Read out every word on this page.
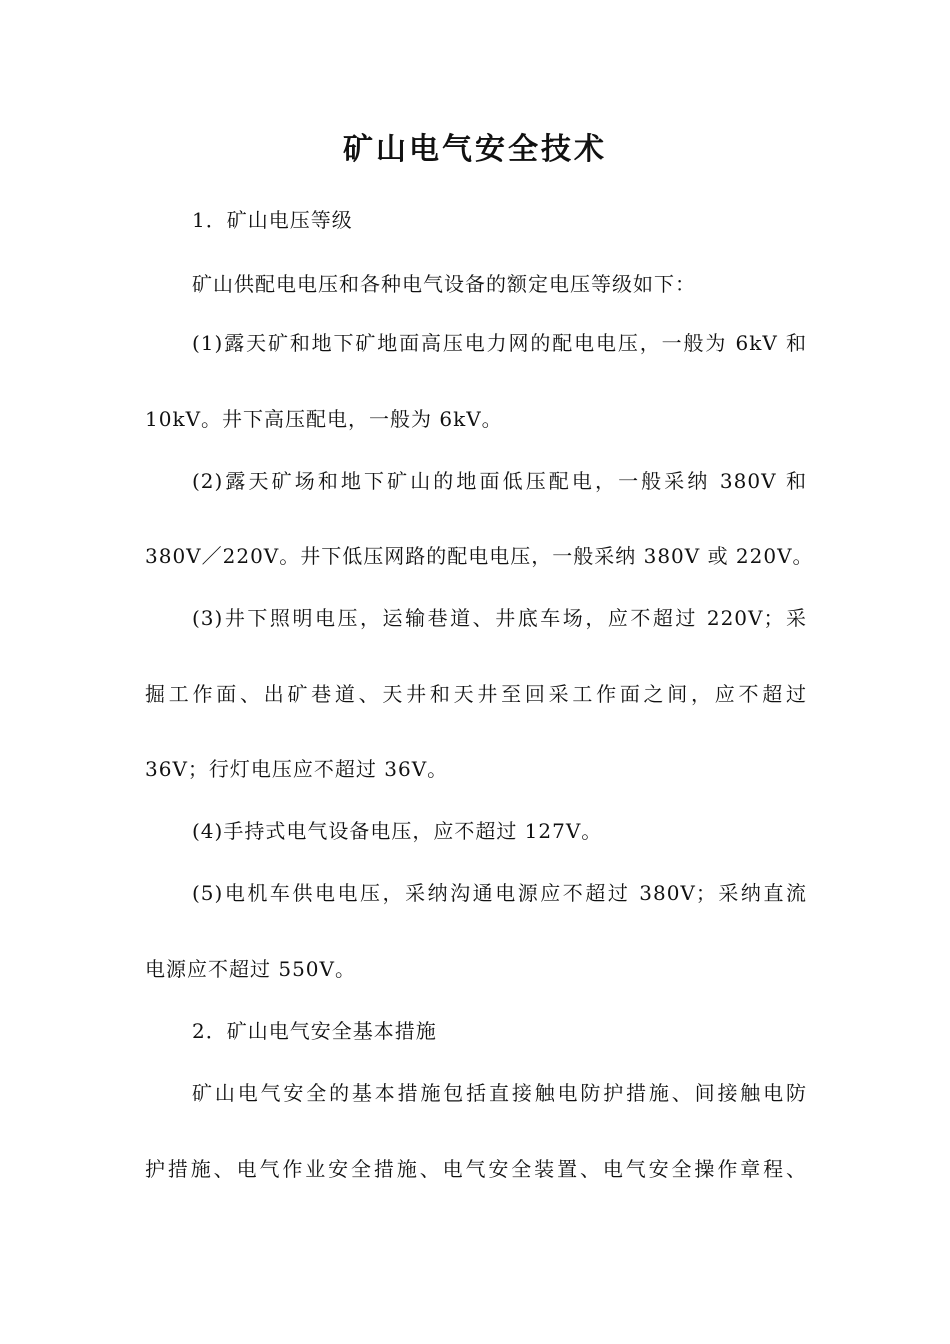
矿山电气安全技术
1．矿山电压等级
矿山供配电电压和各种电气设备的额定电压等级如下：
(1)露天矿和地下矿地面高压电力网的配电电压，一般为 6kV 和
10kV。井下高压配电，一般为 6kV。
(2)露天矿场和地下矿山的地面低压配电，一般采纳 380V 和
380V／220V。井下低压网路的配电电压，一般采纳 380V 或 220V。
(3)井下照明电压，运输巷道、井底车场，应不超过 220V；采
掘工作面、出矿巷道、天井和天井至回采工作面之间，应不超过
36V；行灯电压应不超过 36V。
(4)手持式电气设备电压，应不超过 127V。
(5)电机车供电电压，采纳沟通电源应不超过 380V；采纳直流
电源应不超过 550V。
2．矿山电气安全基本措施
矿山电气安全的基本措施包括直接触电防护措施、间接触电防
护措施、电气作业安全措施、电气安全装置、电气安全操作章程、
